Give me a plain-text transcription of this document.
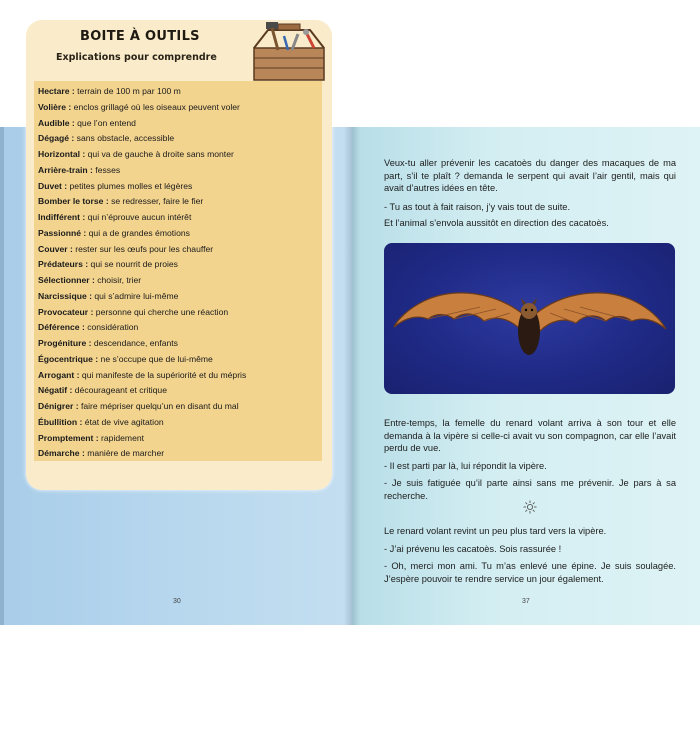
BOITE À OUTILS
Explications pour comprendre
Hectare : terrain de 100 m par 100 m
Volière : enclos grillagé où les oiseaux peuvent voler
Audible : que l’on entend
Dégagé : sans obstacle, accessible
Horizontal : qui va de gauche à droite sans monter
Arrière-train : fesses
Duvet : petites plumes molles et légères
Bomber le torse : se redresser, faire le fier
Indifférent : qui n’éprouve aucun intérêt
Passionné : qui a de grandes émotions
Couver : rester sur les œufs pour les chauffer
Prédateurs : qui se nourrit de proies
Sélectionner : choisir, trier
Narcissique : qui s’admire lui-même
Provocateur : personne qui cherche une réaction
Déférence : considération
Progéniture : descendance, enfants
Égocentrique : ne s’occupe que de lui-même
Arrogant : qui manifeste de la supériorité et du mépris
Négatif : décourageant et critique
Dénigrer : faire mépriser quelqu’un en disant du mal
Ébullition : état de vive agitation
Promptement : rapidement
Démarche : manière de marcher
30

Veux-tu aller prévenir les cacatoès du danger des macaques de ma part, s’il te plaît ? demanda le serpent qui avait l’air gentil, mais qui avait d’autres idées en tête.

- Tu as tout à fait raison, j’y vais tout de suite.

Et l’animal s’envola aussitôt en direction des cacatoès.

Entre-temps, la femelle du renard volant arriva à son tour et elle demanda à la vipère si celle-ci avait vu son compagnon, car elle l’avait perdu de vue.

- Il est parti par là, lui répondit la vipère.

- Je suis fatiguée qu’il parte ainsi sans me prévenir. Je pars à sa recherche.

Le renard volant revint un peu plus tard vers la vipère.

- J’ai prévenu les cacatoès. Sois rassurée !

- Oh, merci mon ami. Tu m’as enlevé une épine. Je suis soulagée. J’espère pouvoir te rendre service un jour également.

37
